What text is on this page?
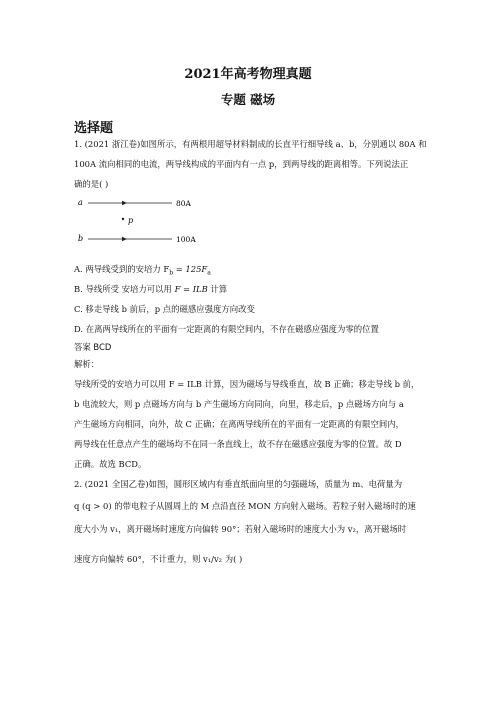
2021年高考物理真题
专题 磁场
选择题
1. (2021 浙江卷)如图所示，有两根用超导材料制成的长直平行细导线 a、b，分别通以 80A 和
100A 流向相同的电流，两导线构成的平面内有一点 p，到两导线的距离相等。下列说法正
确的是( )
a	80A
p
b	100A
A. 两导线受到的安培力 $F_b = 125F_a$
B. 导线所受 安培力可以用 F = ILB 计算
C. 移走导线 b 前后，p 点的磁感应强度方向改变
D. 在离两导线所在的平面有一定距离的有限空间内，不存在磁感应强度为零的位置
答案 BCD
解析：
导线所受的安培力可以用 F = ILB 计算，因为磁场与导线垂直，故 B 正确；移走导线 b 前，
b 电流较大，则 p 点磁场方向与 b 产生磁场方向同向，向里，移走后，p 点磁场方向与 a
产生磁场方向相同，向外，故 C 正确；在离两导线所在的平面有一定距离的有限空间内，
两导线在任意点产生的磁场均不在同一条直线上，故不存在磁感应强度为零的位置。故 D
正确。故选 BCD。
2. (2021 全国乙卷)如图，圆形区域内有垂直纸面向里的匀强磁场，质量为 m、电荷量为
q (q > 0) 的带电粒子从圆周上的 M 点沿直径 MON 方向射入磁场。若粒子射入磁场时的速
度大小为 v₁，离开磁场时速度方向偏转 90°；若射入磁场时的速度大小为 v₂，离开磁场时
速度方向偏转 60°，不计重力，则 v₁/v₂ 为( )
